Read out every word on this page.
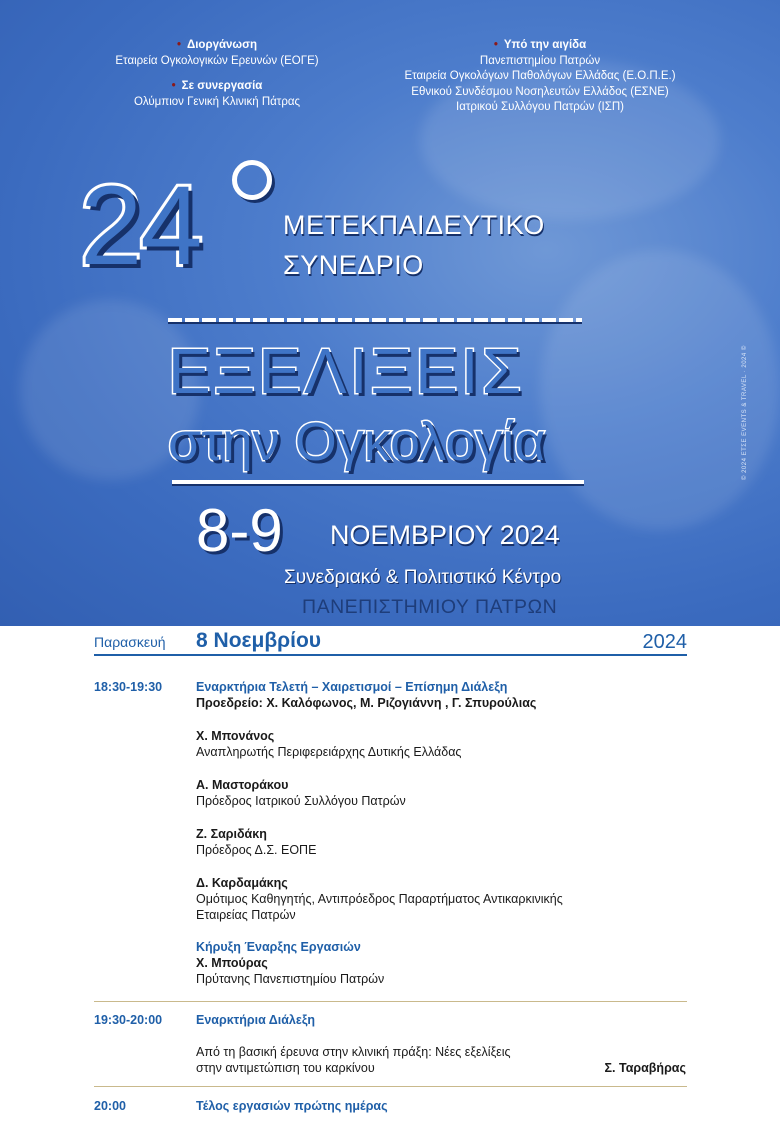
• Διοργάνωση
Εταιρεία Ογκολογικών Ερευνών (ΕΟΓΕ)
• Σε συνεργασία
Ολύμπιον Γενική Κλινική Πάτρας
• Υπό την αιγίδα
Πανεπιστημίου Πατρών
Εταιρεία Ογκολόγων Παθολόγων Ελλάδας (Ε.Ο.Π.Ε.)
Εθνικού Συνδέσμου Νοσηλευτών Ελλάδος (ΕΣΝΕ)
Ιατρικού Συλλόγου Πατρών (ΙΣΠ)
24	ΜΕΤΕΚΠΑΙΔΕΥΤΙΚΟ
ΣΥΝΕΔΡΙΟ
ΕΞΕΛΙΞΕΙΣ
στην Ογκολογία
8-9 ΝΟΕΜΒΡΙΟΥ 2024
Συνεδριακό & Πολιτιστικό Κέντρο
ΠΑΝΕΠΙΣΤΗΜΙΟΥ ΠΑΤΡΩΝ
© 2024 ΕΤΣΕ EVENTS & TRAVEL · 2024 ©
Παρασκευή 8 Νοεμβρίου	2024
18:30-19:30	Εναρκτήρια Τελετή – Χαιρετισμοί – Επίσημη Διάλεξη
Προεδρείο: Χ. Καλόφωνος, Μ. Ριζογιάννη , Γ. Σπυρούλιας
Χ. Μπονάνος
Αναπληρωτής Περιφερειάρχης Δυτικής Ελλάδας
Α. Μαστοράκου
Πρόεδρος Ιατρικού Συλλόγου Πατρών
Ζ. Σαριδάκη
Πρόεδρος Δ.Σ. ΕΟΠΕ
Δ. Καρδαμάκης
Ομότιμος Καθηγητής, Αντιπρόεδρος Παραρτήματος Αντικαρκινικής
Εταιρείας Πατρών
Κήρυξη Έναρξης Εργασιών
Χ. Μπούρας
Πρύτανης Πανεπιστημίου Πατρών
19:30-20:00	Εναρκτήρια Διάλεξη
Από τη βασική έρευνα στην κλινική πράξη: Νέες εξελίξεις
στην αντιμετώπιση του καρκίνου	Σ. Ταραβήρας
20:00	Τέλος εργασιών πρώτης ημέρας
